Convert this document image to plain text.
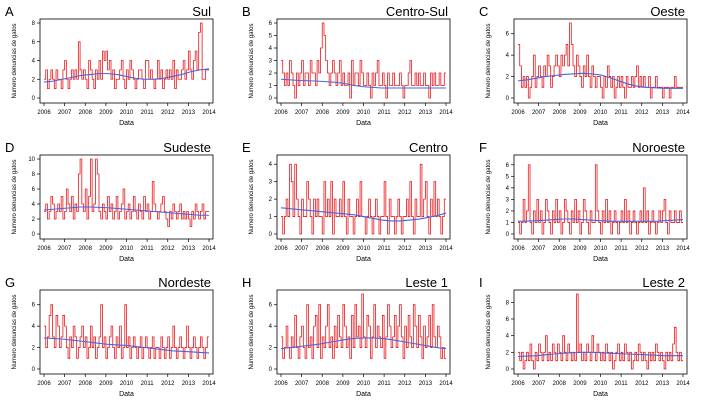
A	Sul
0
2
4
6
8
2006 2007 2008 2009 2010 2011 2012 2013 2014
Data
Numero denuncias de gatos
B	Centro-Sul
0
1
2
3
4
5
6
2006 2007 2008 2009 2010 2011 2012 2013 2014
Data
Numero denuncias de gatos
C	Oeste
0
2
4
6
2006 2007 2008 2009 2010 2011 2012 2013 2014
Data
Numero denuncias de gatos
D	Sudeste
0
2
4
6
8
10
2006 2007 2008 2009 2010 2011 2012 2013 2014
Data
Numero denuncias de gatos
E	Centro
0
1
2
3
4
2006 2007 2008 2009 2010 2011 2012 2013 2014
Data
Numero denuncias de gatos
F	Noroeste
0
1
2
3
4
5
6
2006 2007 2008 2009 2010 2011 2012 2013 2014
Data
Numero denuncias de gatos
G	Nordeste
0
2
4
6
2006 2007 2008 2009 2010 2011 2012 2013 2014
Data
Numero denuncias de gatos
H	Leste 1
0
2
4
6
2006 2007 2008 2009 2010 2011 2012 2013 2014
Data
Numero denuncias de gatos
I	Leste 2
0
2
4
6
8
2006 2007 2008 2009 2010 2011 2012 2013 2014
Data
Numero denuncias de gatos
